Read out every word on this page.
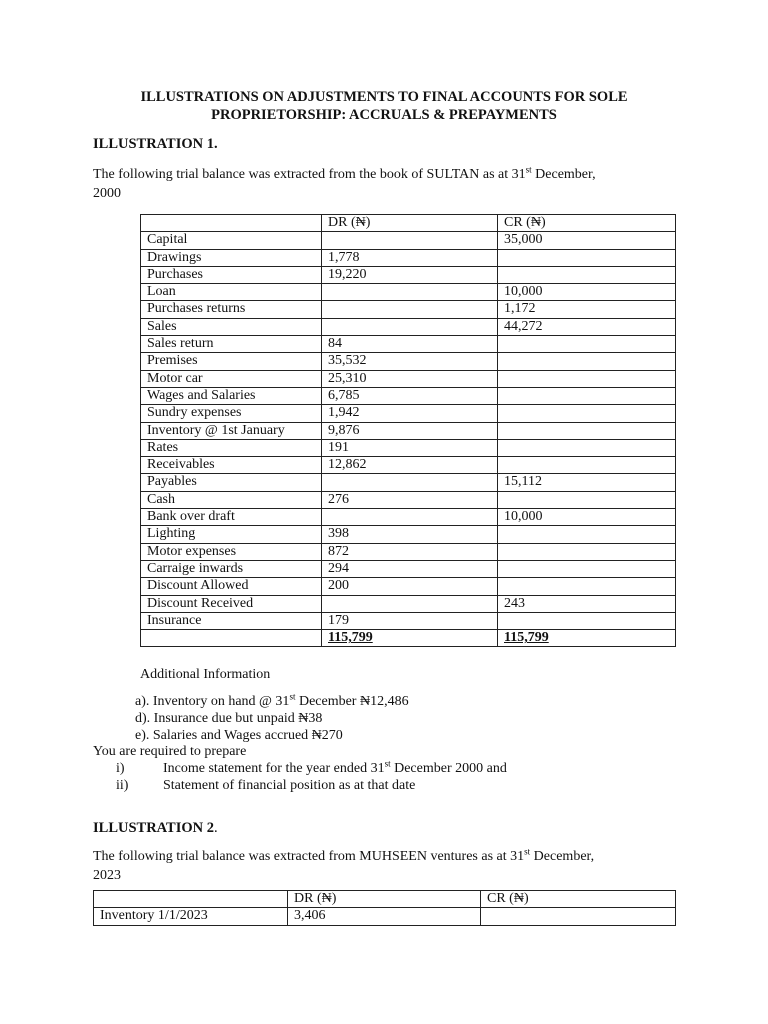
ILLUSTRATIONS ON ADJUSTMENTS TO FINAL ACCOUNTS FOR SOLE
PROPRIETORSHIP: ACCRUALS & PREPAYMENTS
ILLUSTRATION 1.
The following trial balance was extracted from the book of SULTAN as at 31st December,
2000
	DR (₦)	CR (₦)
Capital		35,000
Drawings	1,778	
Purchases	19,220	
Loan		10,000
Purchases returns		1,172
Sales		44,272
Sales return	84	
Premises	35,532	
Motor car	25,310	
Wages and Salaries	6,785	
Sundry expenses	1,942	
Inventory @ 1st January	9,876	
Rates	191	
Receivables	12,862	
Payables		15,112
Cash	276	
Bank over draft		10,000
Lighting	398	
Motor expenses	872	
Carraige inwards	294	
Discount Allowed	200	
Discount Received		243
Insurance	179	
	115,799	115,799
Additional Information
a). Inventory on hand @ 31st December ₦12,486
d). Insurance due but unpaid ₦38
e). Salaries and Wages accrued ₦270
You are required to prepare
i)	Income statement for the year ended 31st December 2000 and
ii) Statement of financial position as at that date
ILLUSTRATION 2.
The following trial balance was extracted from MUHSEEN ventures as at 31st December,
2023
	DR (₦)	CR (₦)
Inventory 1/1/2023	3,406	
